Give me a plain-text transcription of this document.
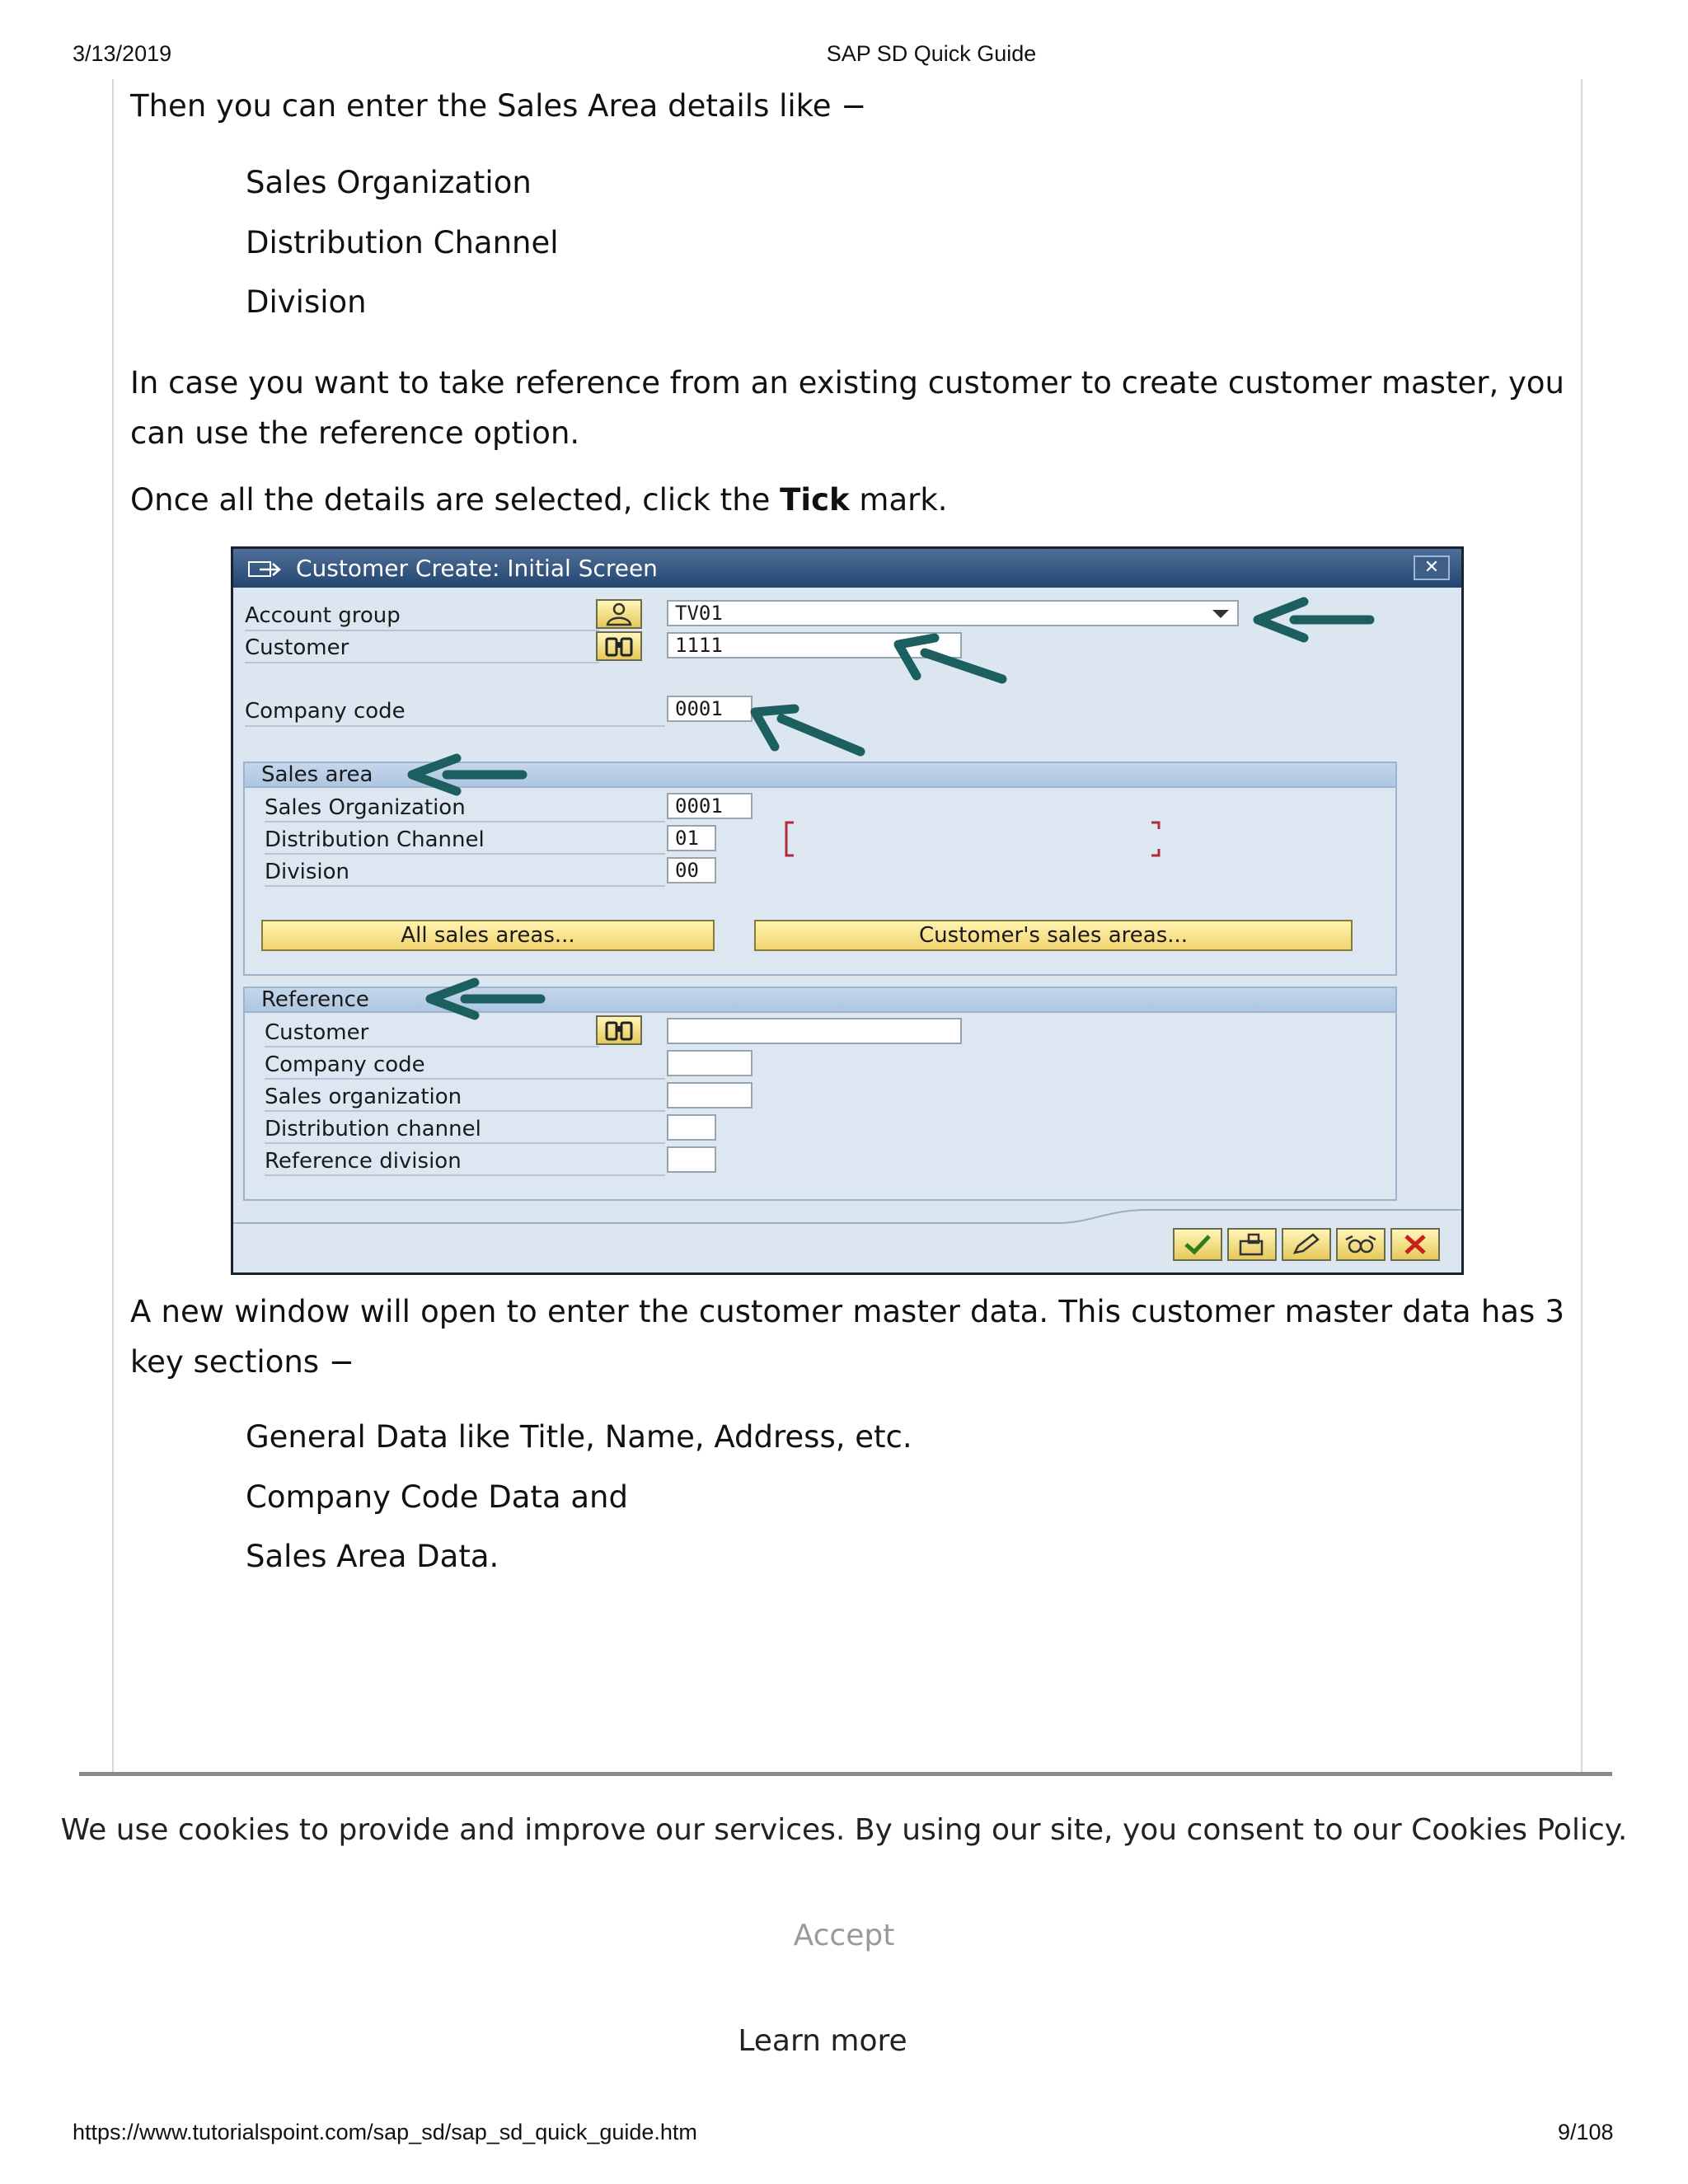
3/13/2019	SAP SD Quick Guide
Then you can enter the Sales Area details like −
Sales Organization
Distribution Channel
Division
In case you want to take reference from an existing customer to create customer master, you can use the reference option.
Once all the details are selected, click the Tick mark.
Customer Create: Initial Screen	✕
Account group	TV01
Customer	1111
Company code	0001
Sales area
Sales Organization	0001
Distribution Channel	01
Division	00
All sales areas...	Customer's sales areas...
Reference
Customer
Company code
Sales organization
Distribution channel
Reference division
A new window will open to enter the customer master data. This customer master data has 3 key sections −
General Data like Title, Name, Address, etc.
Company Code Data and
Sales Area Data.
We use cookies to provide and improve our services. By using our site, you consent to our Cookies Policy.
Accept
Learn more
https://www.tutorialspoint.com/sap_sd/sap_sd_quick_guide.htm	9/108
